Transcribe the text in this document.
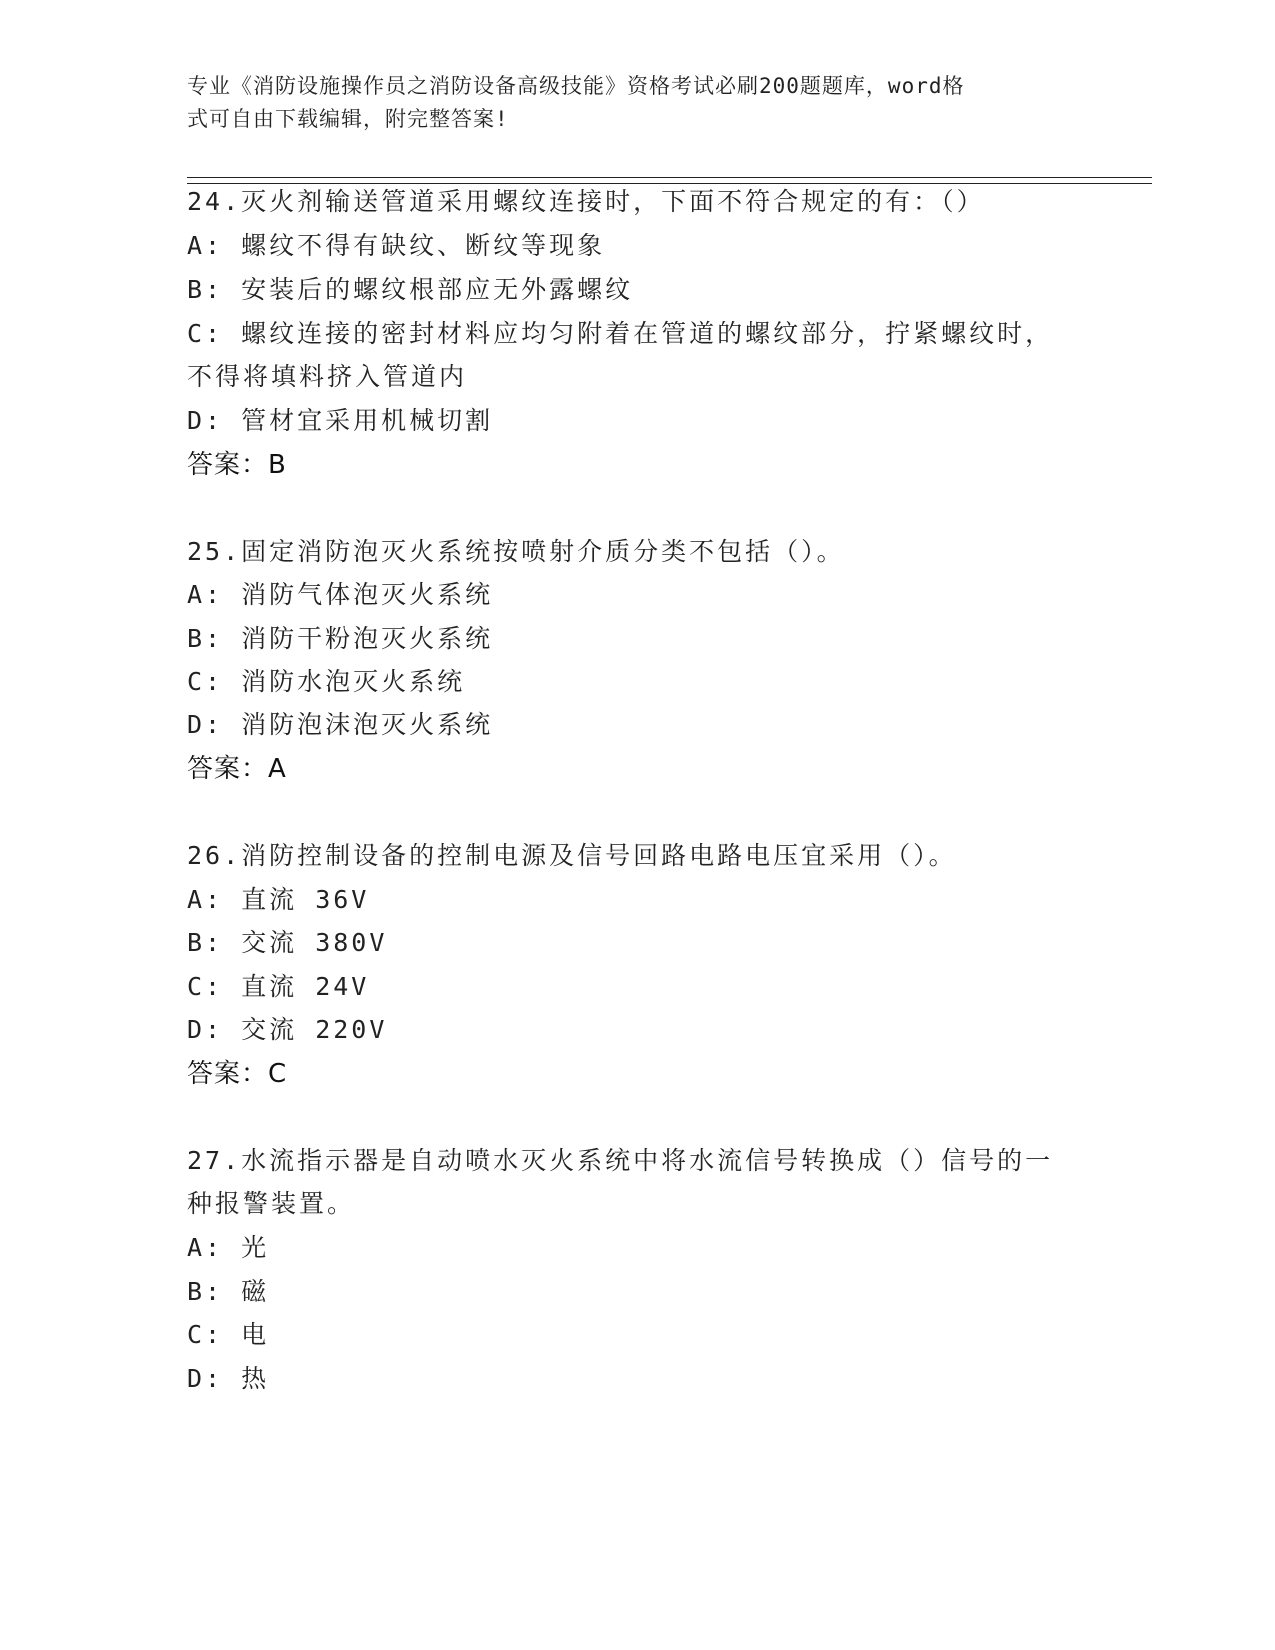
专业《消防设施操作员之消防设备高级技能》资格考试必刷200题题库，word格
式可自由下载编辑，附完整答案!
24.灭火剂输送管道采用螺纹连接时，下面不符合规定的有：（）
A: 螺纹不得有缺纹、断纹等现象
B: 安装后的螺纹根部应无外露螺纹
C: 螺纹连接的密封材料应均匀附着在管道的螺纹部分，拧紧螺纹时，
不得将填料挤入管道内
D: 管材宜采用机械切割
答案：B
25.固定消防泡灭火系统按喷射介质分类不包括（）。
A: 消防气体泡灭火系统
B: 消防干粉泡灭火系统
C: 消防水泡灭火系统
D: 消防泡沫泡灭火系统
答案：A
26.消防控制设备的控制电源及信号回路电路电压宜采用（）。
A: 直流 36V
B: 交流 380V
C: 直流 24V
D: 交流 220V
答案：C
27.水流指示器是自动喷水灭火系统中将水流信号转换成（）信号的一
种报警装置。
A: 光
B: 磁
C: 电
D: 热
